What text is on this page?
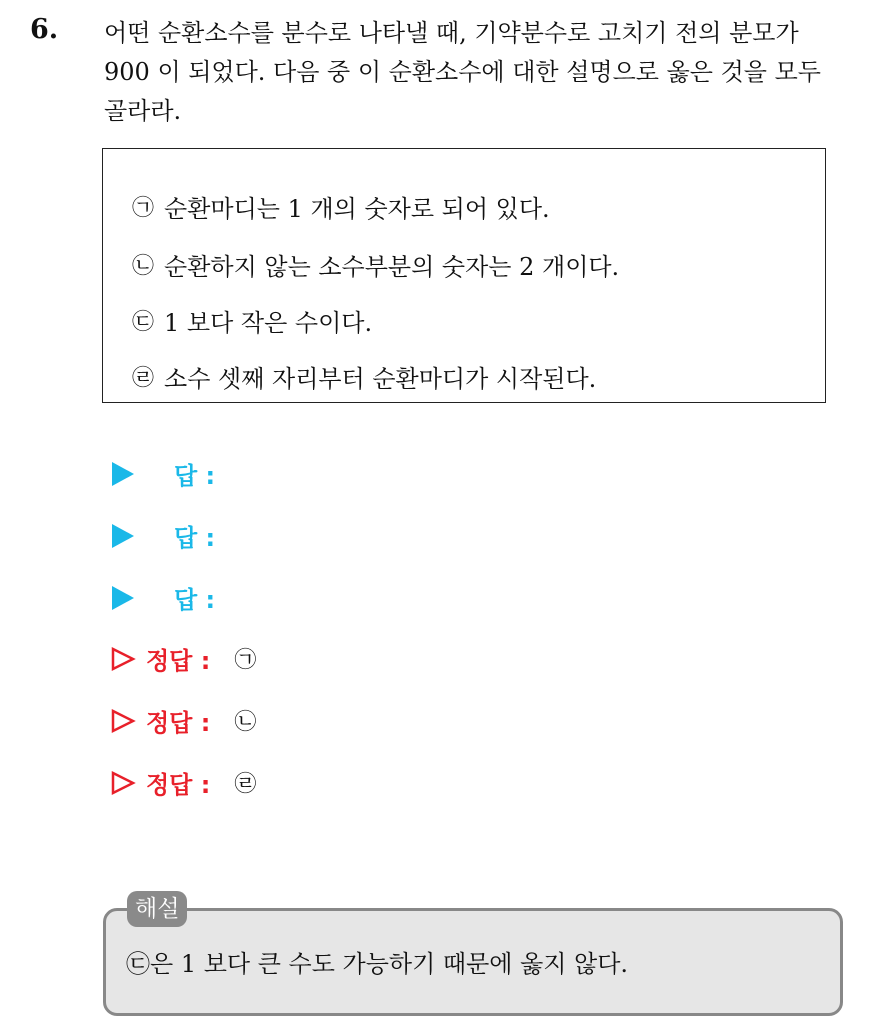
6. 어떤 순환소수를 분수로 나타낼 때, 기약분수로 고치기 전의 분모가
900 이 되었다. 다음 중 이 순환소수에 대한 설명으로 옳은 것을 모두
골라라.
㉠ 순환마디는 1 개의 숫자로 되어 있다.
㉡ 순환하지 않는 소수부분의 숫자는 2 개이다.
㉢ 1 보다 작은 수이다.
㉣ 소수 셋째 자리부터 순환마디가 시작된다.
답 :
답 :
답 :
정답 : ㉠
정답 : ㉡
정답 : ㉣
해설
㉢은 1 보다 큰 수도 가능하기 때문에 옳지 않다.
